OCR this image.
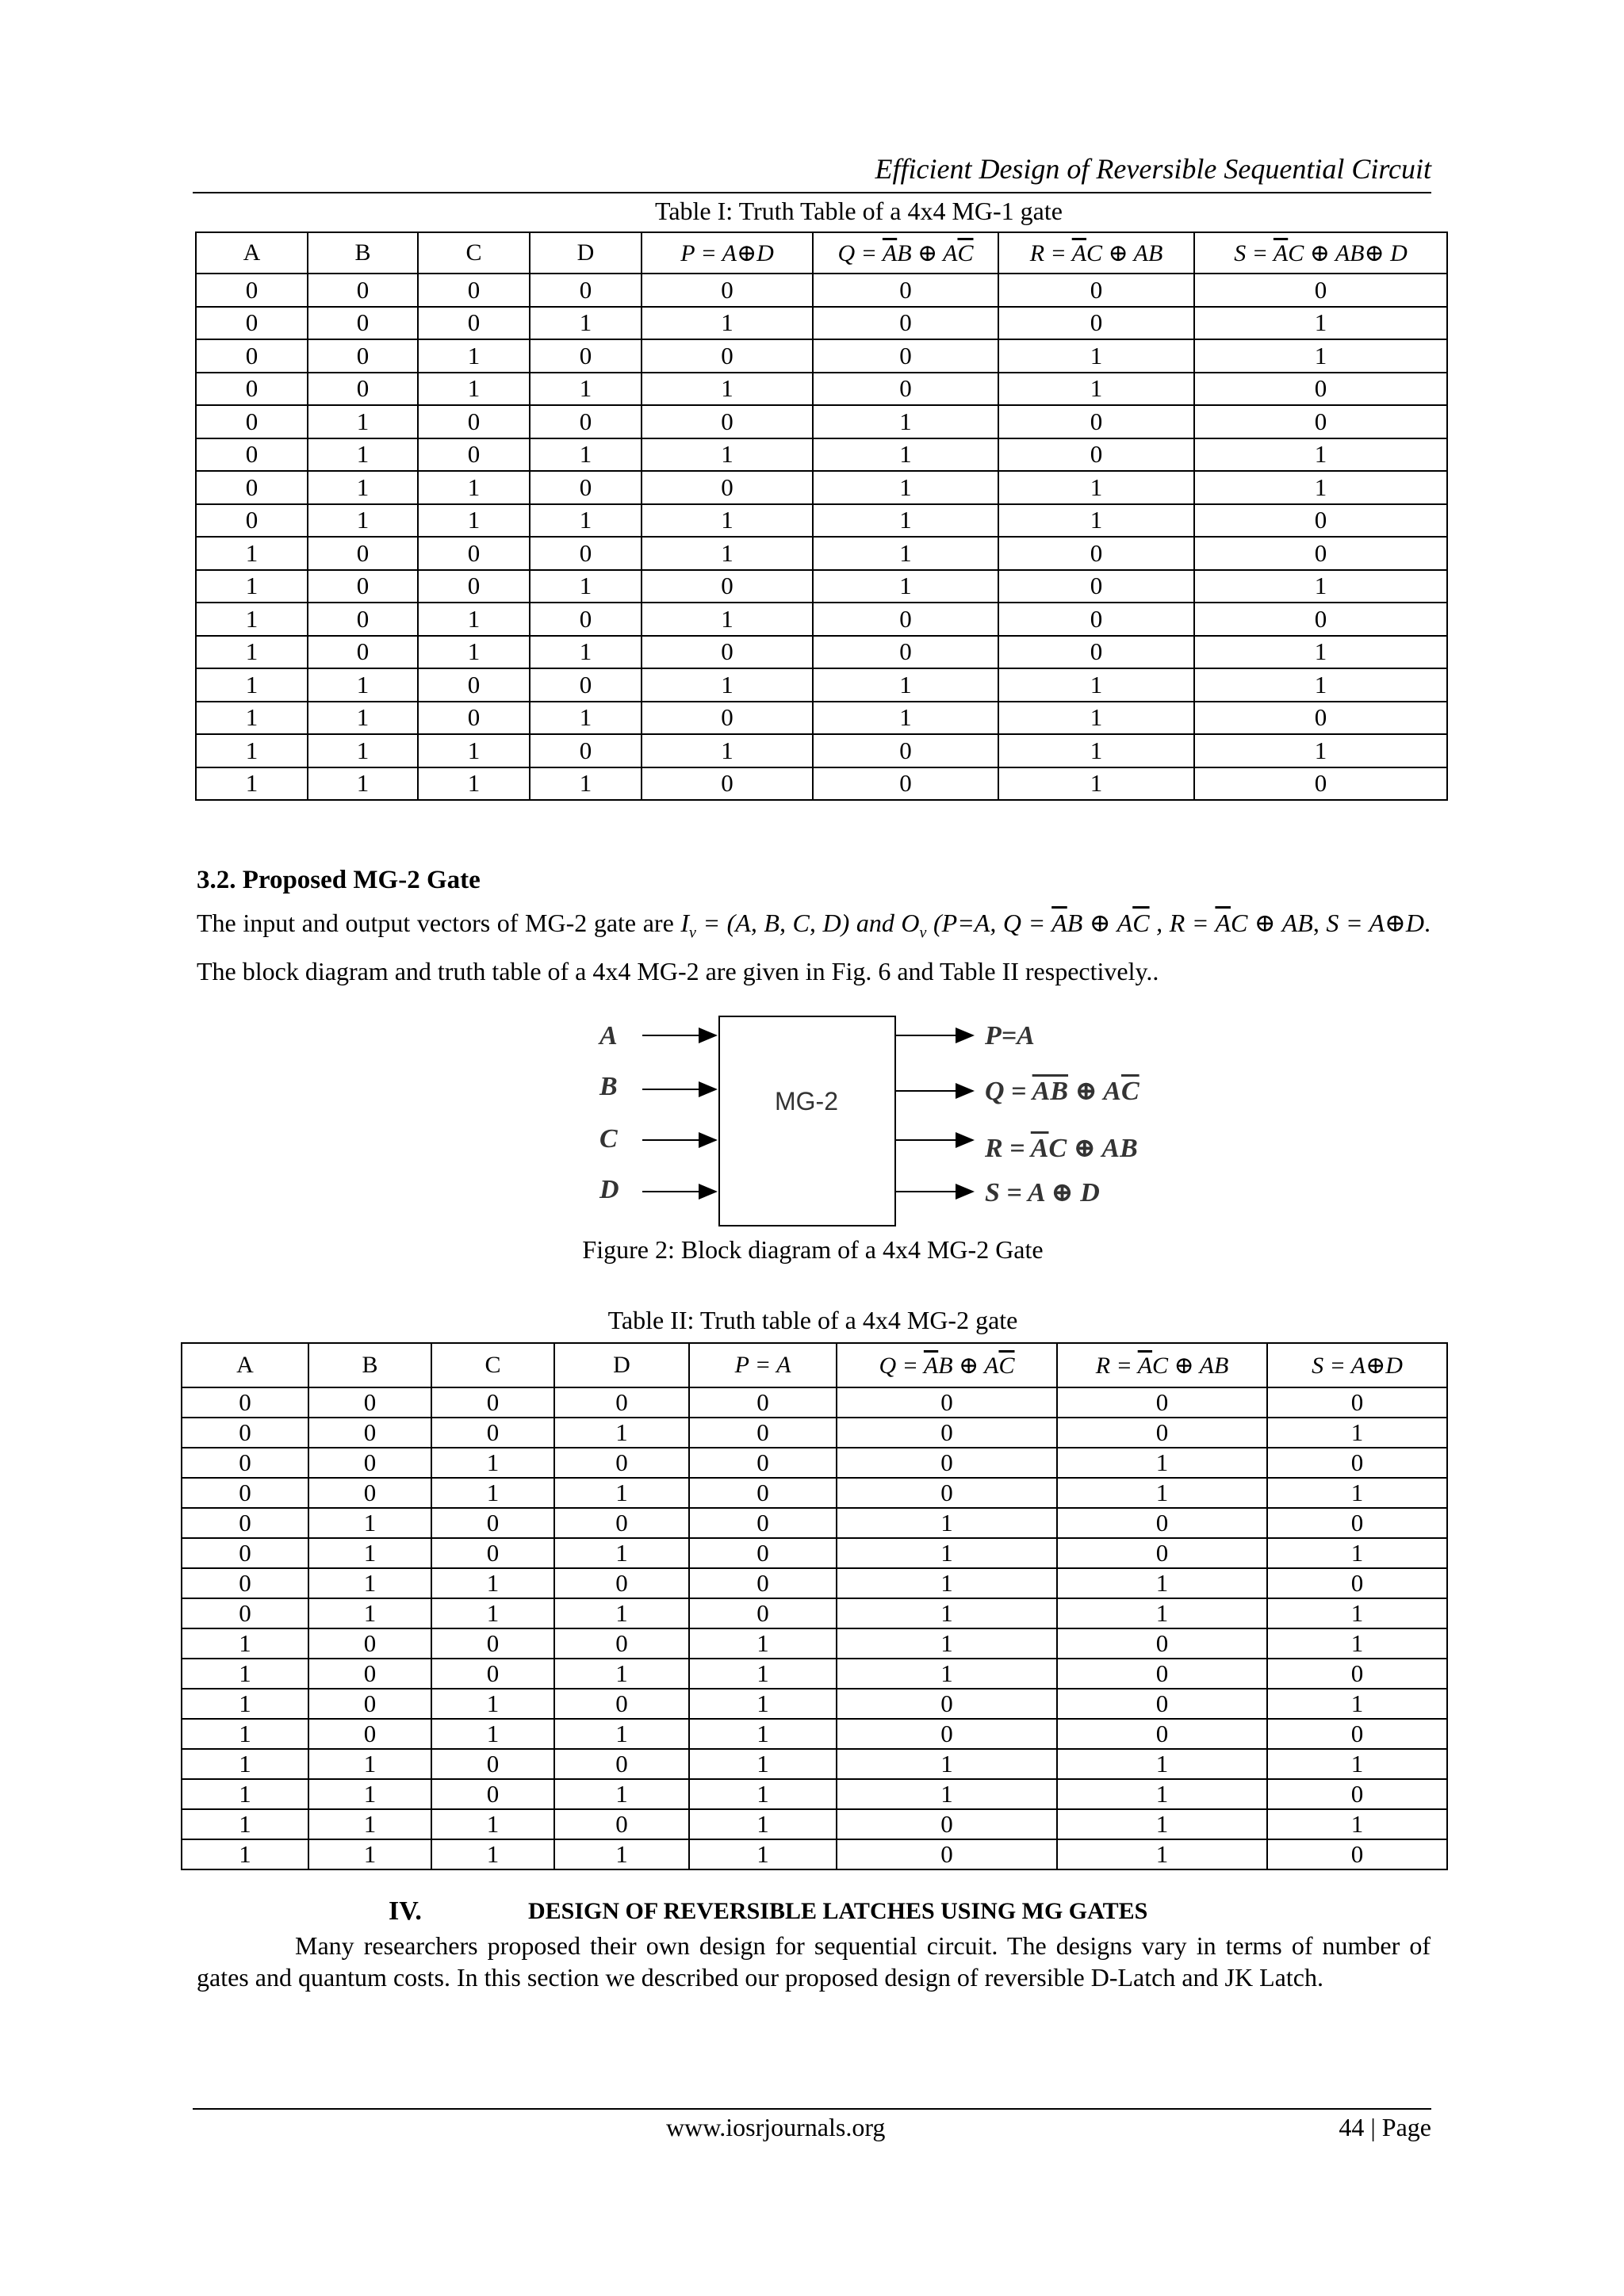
Efficient Design of Reversible Sequential Circuit
Table I: Truth Table of a 4x4 MG-1 gate
A	B	C	D	P = A⊕D	$Q = \overline{A}B$ ⊕ $A\overline{C}$	$R = \overline{A}C$ ⊕ AB	$S = \overline{A}C$ ⊕ AB⊕ D
0	0	0	0	0	0	0	0
0	0	0	1	1	0	0	1
0	0	1	0	0	0	1	1
0	0	1	1	1	0	1	0
0	1	0	0	0	1	0	0
0	1	0	1	1	1	0	1
0	1	1	0	0	1	1	1
0	1	1	1	1	1	1	0
1	0	0	0	1	1	0	0
1	0	0	1	0	1	0	1
1	0	1	0	1	0	0	0
1	0	1	1	0	0	0	1
1	1	0	0	1	1	1	1
1	1	0	1	0	1	1	0
1	1	1	0	1	0	1	1
1	1	1	1	0	0	1	0
3.2. Proposed MG-2 Gate
The input and output vectors of MG-2 gate are $I_v = (A$, B, C, D) and $O_v$ (P=A, $Q = \overline{A}B$ ⊕ $A\overline{C}$ , $R = \overline{A}C$ ⊕ AB, S = A⊕D. The block diagram and truth table of a 4x4 MG-2 are given in Fig. 6 and Table II respectively..
MG-2
A
B
C
D
P=A
$Q = \overline{AB}$ ⊕ $A\overline{C}$
$R = \overline{A}C$ ⊕ AB
S = A ⊕ D
Figure 2: Block diagram of a 4x4 MG-2 Gate
Table II: Truth table of a 4x4 MG-2 gate
A	B	C	D	P = A	$Q = \overline{A}B$ ⊕ $A\overline{C}$	$R = \overline{A}C$ ⊕ AB	S = A⊕D
0	0	0	0	0	0	0	0
0	0	0	1	0	0	0	1
0	0	1	0	0	0	1	0
0	0	1	1	0	0	1	1
0	1	0	0	0	1	0	0
0	1	0	1	0	1	0	1
0	1	1	0	0	1	1	0
0	1	1	1	0	1	1	1
1	0	0	0	1	1	0	1
1	0	0	1	1	1	0	0
1	0	1	0	1	0	0	1
1	0	1	1	1	0	0	0
1	1	0	0	1	1	1	1
1	1	0	1	1	1	1	0
1	1	1	0	1	0	1	1
1	1	1	1	1	0	1	0
IV.	DESIGN OF REVERSIBLE LATCHES USING MG GATES
Many researchers proposed their own design for sequential circuit. The designs vary in terms of number of gates and quantum costs. In this section we described our proposed design of reversible D-Latch and JK Latch.
www.iosrjournals.org	44 | Page
